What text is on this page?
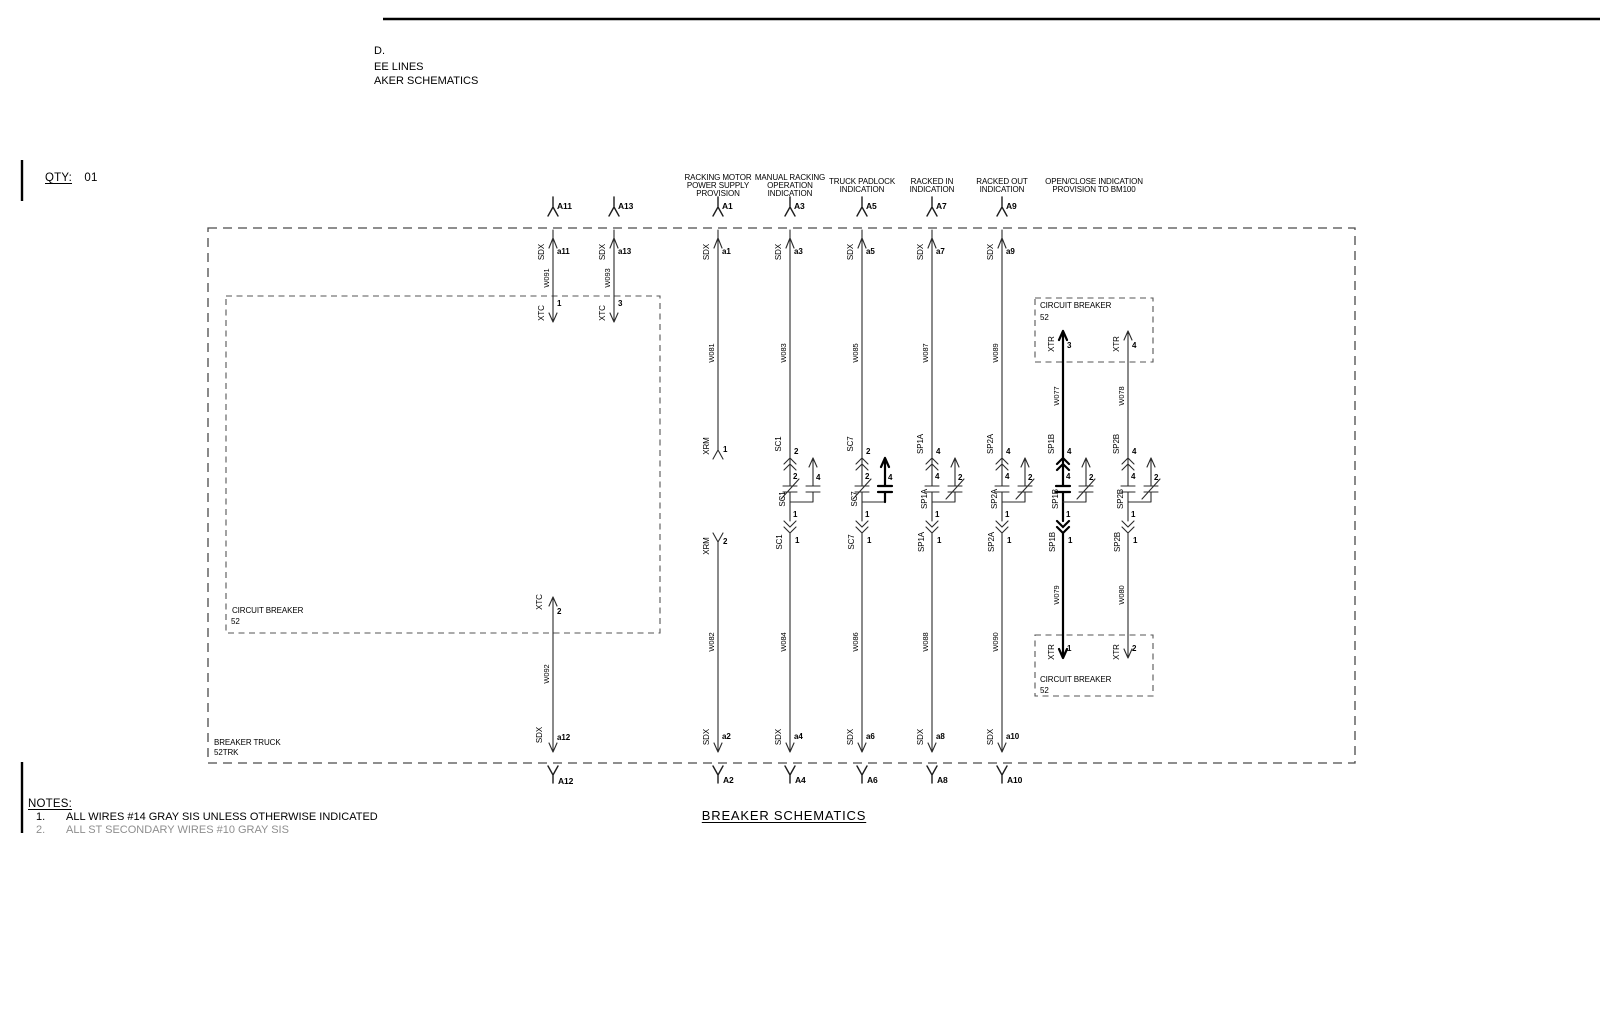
D.
EE LINES
AKER SCHEMATICS
QTY: 01	RACKING MOTOR
POWER SUPPLY
PROVISION
MANUAL RACKING
OPERATION
INDICATION
TRUCK PADLOCK
INDICATION
RACKED IN
INDICATION
RACKED OUT
INDICATION
OPEN/CLOSE INDICATION
PROVISION TO BM100
A11	A13	A1	A3	A5	A7	A9
A12	A2	A4	A6	A8	A10
SDX a11	SDX a13	SDX a1	SDX a3	SDX a5	SDX a7	SDX a9
SDX a12	SDX a2	SDX a4	SDX a6	SDX a8	SDX a10
W091	W093
W081	W083	W085	W087	W089
W077	W078
W092
W082	W084	W086	W088	W090
W079	W080
XTC
1
XTC
3
XTC
2
XRM 1
XRM 2
SC1 2
2 4
SC1
1
SC1 1
SC7 2
2 4
SC7
1
SC7 1
SP1A 4
4 2
SP1A
1
SP1A 1
SP2A 4
4 2
SP2A
1
SP2A 1
XTR 3
SP1B 4
4 2
SP1B
1
SP1B 1
XTR 1
XTR 4
SP2B 4
4 2
SP2B
1
SP2B 1
XTR 2
CIRCUIT BREAKER
52
CIRCUIT BREAKER
52
CIRCUIT BREAKER
52
BREAKER TRUCK
52TRK
NOTES:
1. ALL WIRES #14 GRAY SIS UNLESS OTHERWISE INDICATED
2. ALL ST SECONDARY WIRES #10 GRAY SIS
BREAKER SCHEMATICS
